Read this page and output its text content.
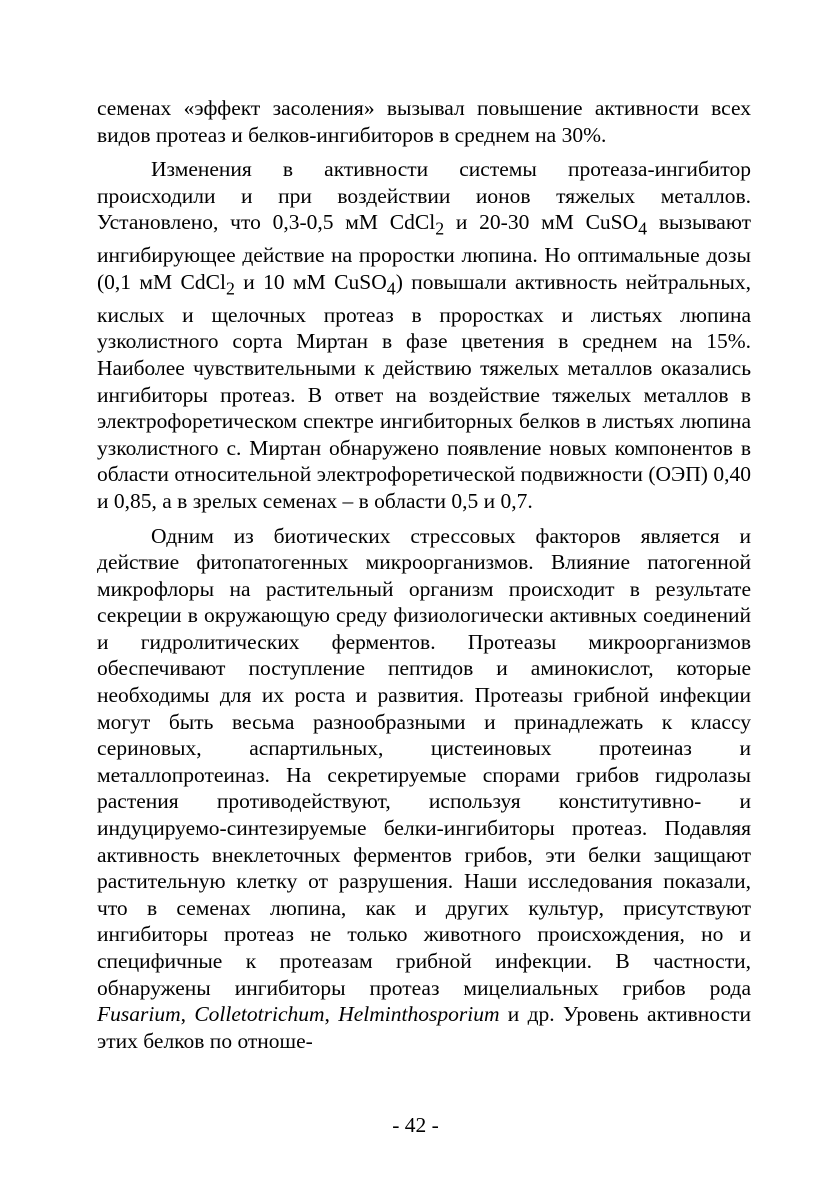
семенах «эффект засоления» вызывал повышение активности всех видов протеаз и белков-ингибиторов в среднем на 30%.

Изменения в активности системы протеаза-ингибитор происходили и при воздействии ионов тяжелых металлов. Установлено, что 0,3-0,5 мМ CdCl$_2$ и 20-30 мМ CuSO$_4$ вызывают ингибирующее действие на проростки люпина. Но оптимальные дозы (0,1 мМ CdCl$_2$ и 10 мМ CuSO$_4$) повышали активность нейтральных, кислых и щелочных протеаз в проростках и листьях люпина узколистного сорта Миртан в фазе цветения в среднем на 15%. Наиболее чувствительными к действию тяжелых металлов оказались ингибиторы протеаз. В ответ на воздействие тяжелых металлов в электрофоретическом спектре ингибиторных белков в листьях люпина узколистного с. Миртан обнаружено появление новых компонентов в области относительной электрофоретической подвижности (ОЭП) 0,40 и 0,85, а в зрелых семенах – в области 0,5 и 0,7.

Одним из биотических стрессовых факторов является и действие фитопатогенных микроорганизмов. Влияние патогенной микрофлоры на растительный организм происходит в результате секреции в окружающую среду физиологически активных соединений и гидролитических ферментов. Протеазы микроорганизмов обеспечивают поступление пептидов и аминокислот, которые необходимы для их роста и развития. Протеазы грибной инфекции могут быть весьма разнообразными и принадлежать к классу сериновых, аспартильных, цистеиновых протеиназ и металлопротеиназ. На секретируемые спорами грибов гидролазы растения противодействуют, используя конститутивно- и индуцируемо-синтезируемые белки-ингибиторы протеаз. Подавляя активность внеклеточных ферментов грибов, эти белки защищают растительную клетку от разрушения. Наши исследования показали, что в семенах люпина, как и других культур, присутствуют ингибиторы протеаз не только животного происхождения, но и специфичные к протеазам грибной инфекции. В частности, обнаружены ингибиторы протеаз мицелиальных грибов рода Fusarium, Colletotrichum, Helminthosporium и др. Уровень активности этих белков по отноше-

- 42 -
